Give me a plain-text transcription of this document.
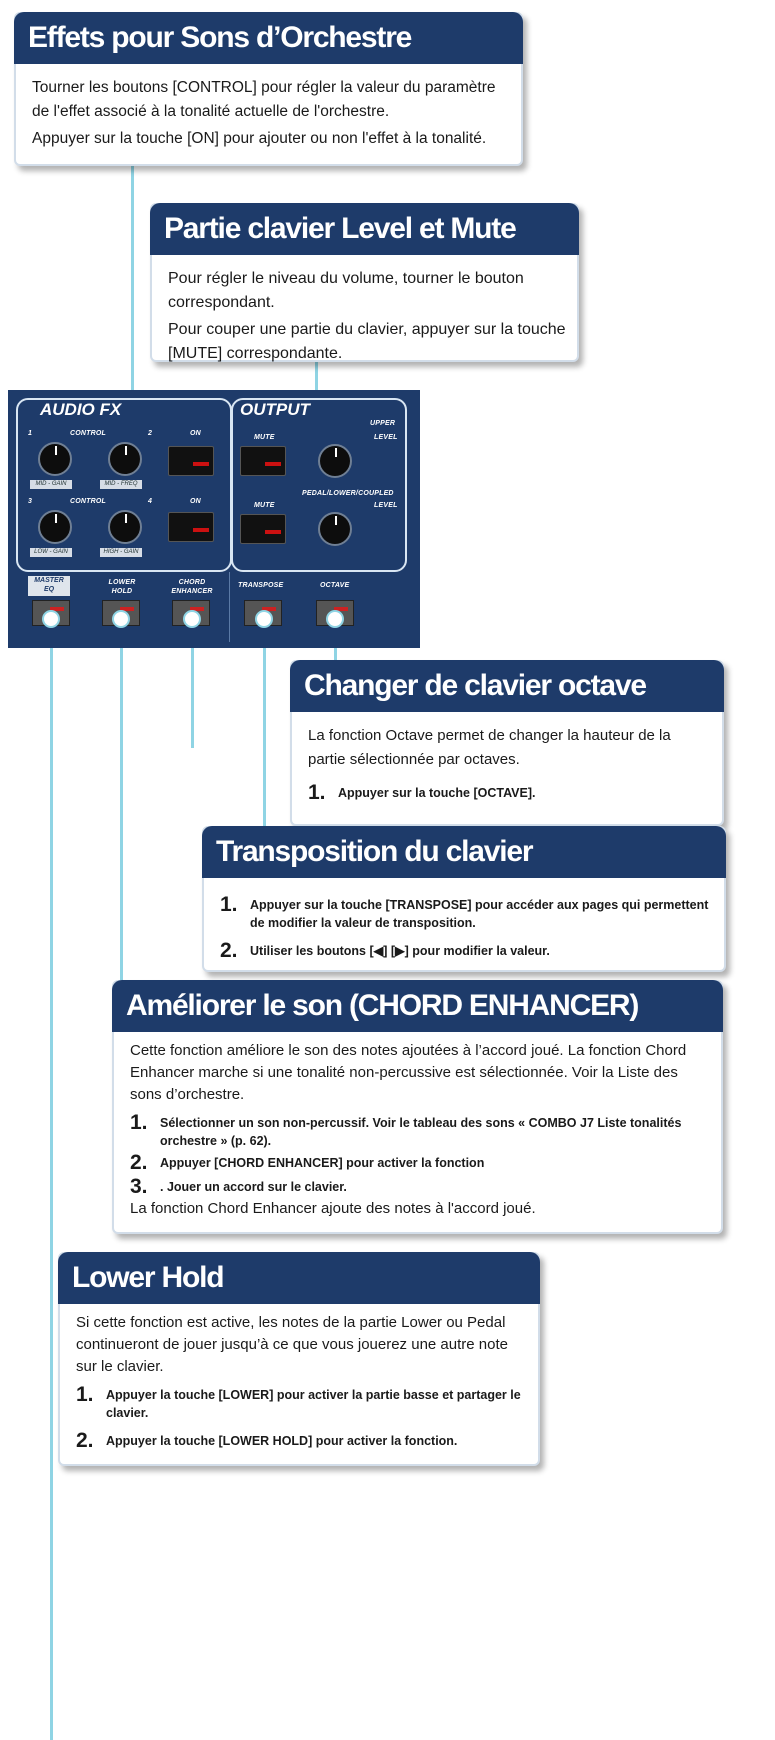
Effets pour Sons d’Orchestre

Tourner les boutons [CONTROL] pour régler la valeur du paramètre de l'effet associé à la tonalité actuelle de l'orchestre.

Appuyer sur la touche [ON] pour ajouter ou non l'effet à la tonalité.

Partie clavier Level et Mute

Pour régler le niveau du volume, tourner le bouton correspondant.

Pour couper une partie du clavier, appuyer sur la touche [MUTE] correspondante.

AUDIO FX	OUTPUT
1	CONTROL	2	ON
MID - GAIN	MID - FREQ
3	CONTROL	4	ON
LOW - GAIN	HIGH - GAIN
UPPER
MUTE	LEVEL
PEDAL/LOWER/COUPLED
MUTE	LEVEL
MASTER
EQ
LOWER
HOLD
CHORD
ENHANCER
TRANSPOSE	OCTAVE
Changer de clavier octave

La fonction Octave permet de changer la hauteur de la partie sélectionnée par octaves.

1. Appuyer sur la touche [OCTAVE].
Transposition du clavier
1. Appuyer sur la touche [TRANSPOSE] pour accéder aux pages qui permettent de modifier la valeur de transposition.
2. Utiliser les boutons [◀] [▶] pour modifier la valeur.
Améliorer le son (CHORD ENHANCER)

Cette fonction améliore le son des notes ajoutées à l’accord joué. La fonction Chord Enhancer marche si une tonalité non-percussive est sélectionnée. Voir la Liste des sons d’orchestre.

1. Sélectionner un son non-percussif. Voir le tableau des sons « COMBO J7 Liste tonalités orchestre » (p. 62).
2. Appuyer [CHORD ENHANCER] pour activer la fonction
3. . Jouer un accord sur le clavier.

La fonction Chord Enhancer ajoute des notes à l'accord joué.

Lower Hold

Si cette fonction est active, les notes de la partie Lower ou Pedal continueront de jouer jusqu’à ce que vous jouerez une autre note sur le clavier.

1. Appuyer la touche [LOWER] pour activer la partie basse et partager le clavier.
2. Appuyer la touche [LOWER HOLD] pour activer la fonction.
